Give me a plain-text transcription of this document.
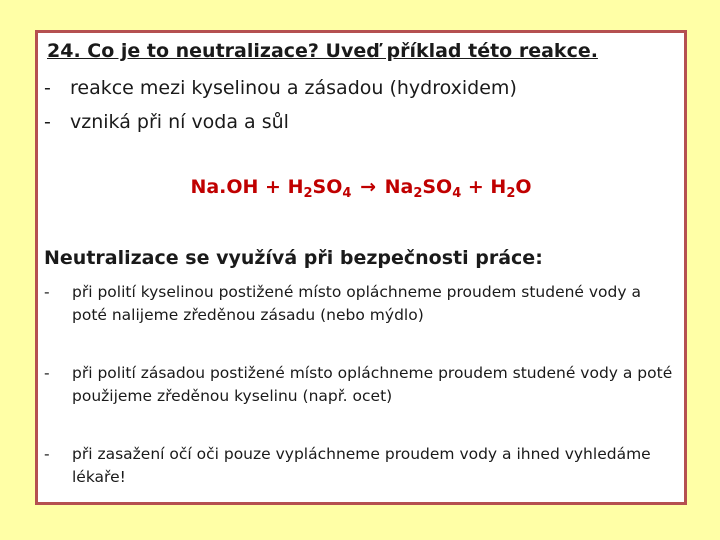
24. Co je to neutralizace? Uveď příklad této reakce.

- reakce mezi kyselinou a zásadou (hydroxidem)

- vzniká při ní voda a sůl

$Na.OH + H_2SO_4 \to Na_2SO_4 + H_2O$

Neutralizace se využívá při bezpečnosti práce:

- při polití kyselinou postižené místo opláchneme proudem studené vody a poté nalijeme zředěnou zásadu (nebo mýdlo)
- při polití zásadou postižené místo opláchneme proudem studené vody a poté použijeme zředěnou kyselinu (např. ocet)
- při zasažení očí oči pouze vypláchneme proudem vody a ihned vyhledáme lékaře!
